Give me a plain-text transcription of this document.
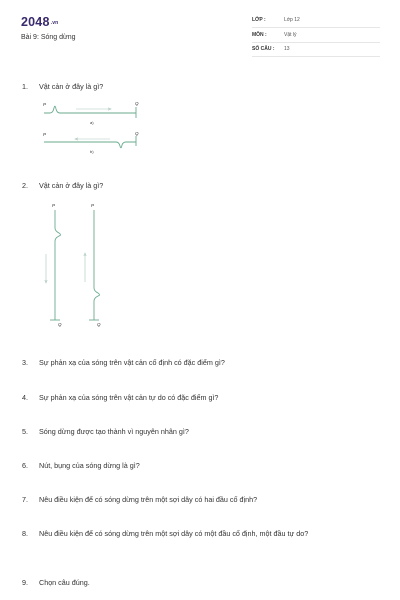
2048.vn
Bài 9: Sóng dừng
LỚP :	Lớp 12
MÔN :	Vật lý
SỐ CÂU : 13
1.	Vật cản ở đây là gì?
P	Q
a)
P	Q
b)
2.	Vật cản ở đây là gì?
P
Q
P
Q
3.	Sự phản xạ của sóng trên vật cản cố định có đặc điểm gì?
4.	Sự phản xạ của sóng trên vật cản tự do có đặc điểm gì?
5.	Sóng dừng được tạo thành vì nguyên nhân gì?
6.	Nút, bụng của sóng dừng là gì?
7.	Nêu điều kiện để có sóng dừng trên một sợi dây có hai đầu cố định?
8.	Nêu điều kiện để có sóng dừng trên một sợi dây có một đầu cố định, một đầu tự do?
9.	Chọn câu đúng.
